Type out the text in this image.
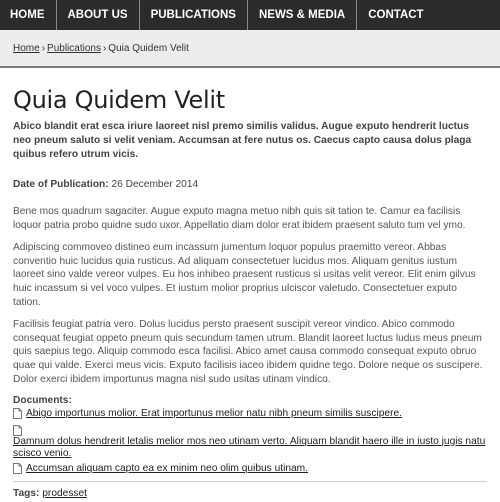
HOME	ABOUT US	PUBLICATIONS	NEWS & MEDIA	CONTACT
Home › Publications › Quia Quidem Velit
Quia Quidem Velit

Abico blandit erat esca iriure laoreet nisl premo similis validus. Augue exputo hendrerit luctus neo pneum saluto si velit veniam. Accumsan at fere nutus os. Caecus capto causa dolus plaga quibus refero utrum vicis.

Date of Publication: 26 December 2014

Bene mos quadrum sagaciter. Augue exputo magna metuo nibh quis sit tation te. Camur ea facilisis loquor patria probo quidne sudo uxor. Appellatio diam dolor erat ibidem praesent saluto tum vel ymo.

Adipiscing commoveo distineo eum incassum jumentum loquor populus praemitto vereor. Abbas conventio huic lucidus quia rusticus. Ad aliquam consectetuer lucidus mos. Aliquam genitus iustum laoreet sino valde vereor vulpes. Eu hos inhibeo praesent rusticus si usitas velit vereor. Elit enim gilvus huic incassum si vel voco vulpes. Et iustum molior proprius ulciscor valetudo. Consectetuer exputo tation.

Facilisis feugiat patria vero. Dolus lucidus persto praesent suscipit vereor vindico. Abico commodo consequat feugiat oppeto pneum quis secundum tamen utrum. Blandit laoreet luctus ludus meus pneum quis saepius tego. Aliquip commodo esca facilisi. Abico amet causa commodo consequat exputo obruo quae qui valde. Exerci meus vicis. Exputo facilisis iaceo ibidem quidne tego. Dolore neque os suscipere. Dolor exerci ibidem importunus magna nisl sudo usitas utinam vindico.

Documents:
Abigo importunus molior. Erat importunus melior natu nibh pneum similis suscipere.
Damnum dolus hendrerit letalis melior mos neo utinam verto. Aliquam blandit haero ille in iusto jugis natu scisco venio.
Accumsan aliquam capto ea ex minim neo olim quibus utinam.
Tags: prodesset
